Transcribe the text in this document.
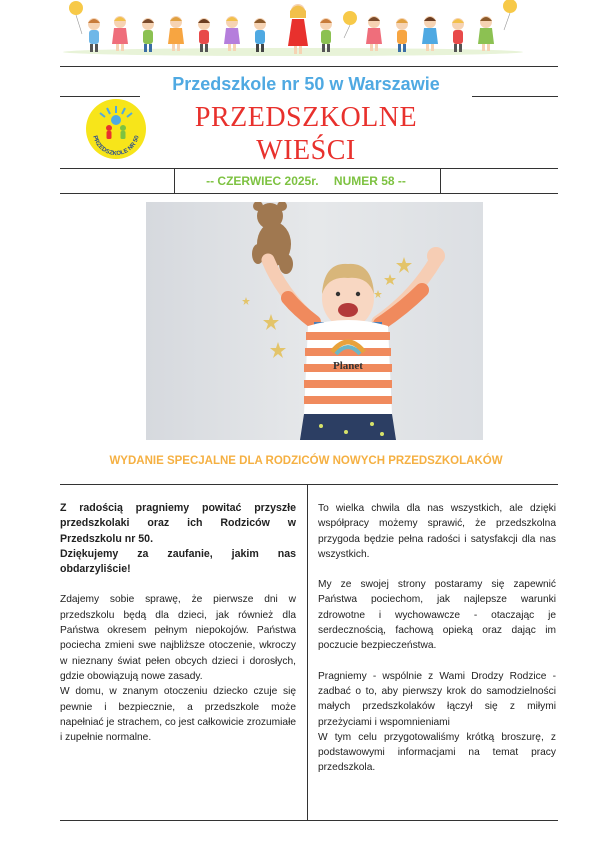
Przedszkole nr 50 w Warszawie
PRZEDSZKOLE NR 50
PRZEDSZKOLNE
WIEŚCI
-- CZERWIEC 2025r. NUMER 58 --
Planet
WYDANIE SPECJALNE DLA RODZICÓW NOWYCH PRZEDSZKOLAKÓW

Z radością pragniemy powitać przyszłe przedszkolaki oraz ich Rodziców w Przedszkolu nr 50.

Dziękujemy za zaufanie, jakim nas obdarzyliście!

Zdajemy sobie sprawę, że pierwsze dni w przedszkolu będą dla dzieci, jak również dla Państwa okresem pełnym niepokojów. Państwa pociecha zmieni swe najbliższe otoczenie, wkroczy w nieznany świat pełen obcych dzieci i dorosłych, gdzie obowiązują nowe zasady.

W domu, w znanym otoczeniu dziecko czuje się pewnie i bezpiecznie, a przedszkole może napełniać je strachem, co jest całkowicie zrozumiałe i zupełnie normalne.

To wielka chwila dla nas wszystkich, ale dzięki współpracy możemy sprawić, że przedszkolna przygoda będzie pełna radości i satysfakcji dla nas wszystkich.

My ze swojej strony postaramy się zapewnić Państwa pociechom, jak najlepsze warunki zdrowotne i wychowawcze - otaczając je serdecznością, fachową opieką oraz dając im poczucie bezpieczeństwa.

Pragniemy - wspólnie z Wami Drodzy Rodzice - zadbać o to, aby pierwszy krok do samodzielności małych przedszkolaków łączył się z miłymi przeżyciami i wspomnieniami

W tym celu przygotowaliśmy krótką broszurę, z podstawowymi informacjami na temat pracy przedszkola.
